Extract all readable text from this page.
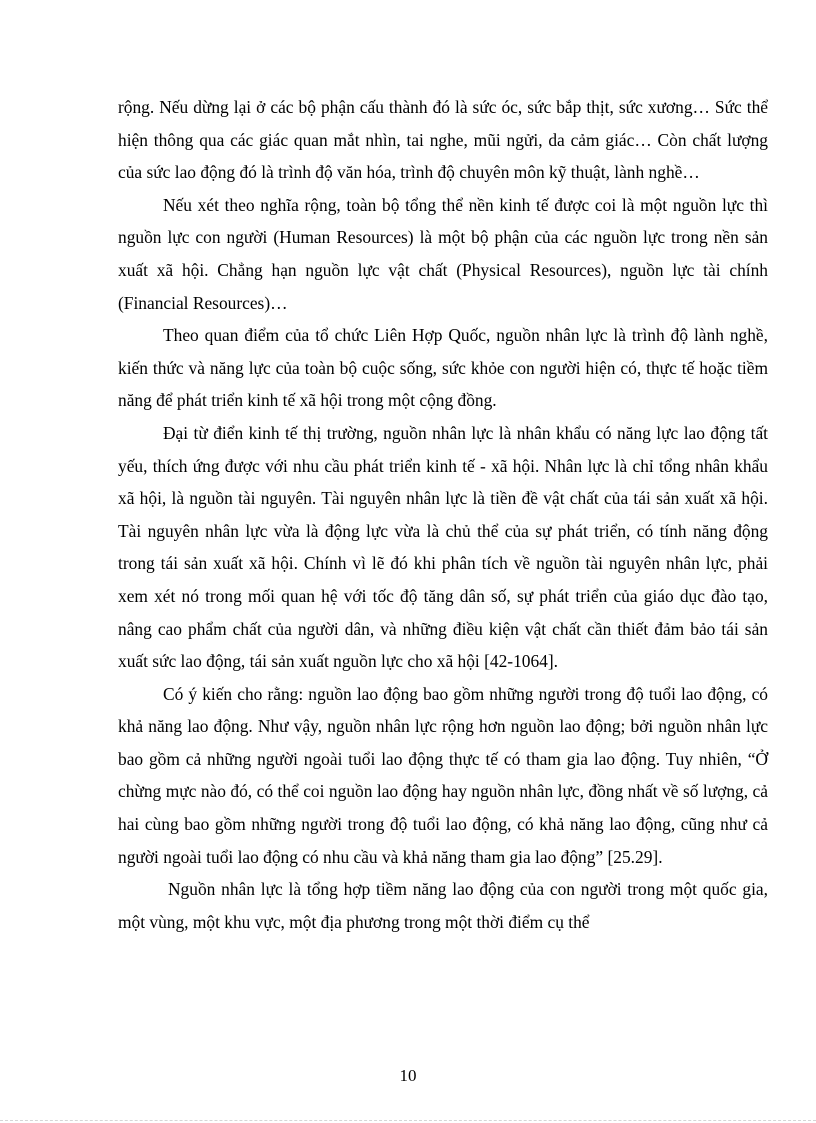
rộng. Nếu dừng lại ở các bộ phận cấu thành đó là sức óc, sức bắp thịt, sức xương… Sức thể hiện thông qua các giác quan mắt nhìn, tai nghe, mũi ngửi, da cảm giác… Còn chất lượng của sức lao động đó là trình độ văn hóa, trình độ chuyên môn kỹ thuật, lành nghề…

Nếu xét theo nghĩa rộng, toàn bộ tổng thể nền kinh tế được coi là một nguồn lực thì nguồn lực con người (Human Resources) là một bộ phận của các nguồn lực trong nền sản xuất xã hội. Chẳng hạn nguồn lực vật chất (Physical Resources), nguồn lực tài chính (Financial Resources)…

Theo quan điểm của tổ chức Liên Hợp Quốc, nguồn nhân lực là trình độ lành nghề, kiến thức và năng lực của toàn bộ cuộc sống, sức khỏe con người hiện có, thực tế hoặc tiềm năng để phát triển kinh tế xã hội trong một cộng đồng.

Đại từ điển kinh tế thị trường, nguồn nhân lực là nhân khẩu có năng lực lao động tất yếu, thích ứng được với nhu cầu phát triển kinh tế - xã hội. Nhân lực là chỉ tổng nhân khẩu xã hội, là nguồn tài nguyên. Tài nguyên nhân lực là tiền đề vật chất của tái sản xuất xã hội. Tài nguyên nhân lực vừa là động lực vừa là chủ thể của sự phát triển, có tính năng động trong tái sản xuất xã hội. Chính vì lẽ đó khi phân tích về nguồn tài nguyên nhân lực, phải xem xét nó trong mối quan hệ với tốc độ tăng dân số, sự phát triển của giáo dục đào tạo, nâng cao phẩm chất của người dân, và những điều kiện vật chất cần thiết đảm bảo tái sản xuất sức lao động, tái sản xuất nguồn lực cho xã hội [42-1064].

Có ý kiến cho rằng: nguồn lao động bao gồm những người trong độ tuổi lao động, có khả năng lao động. Như vậy, nguồn nhân lực rộng hơn nguồn lao động; bởi nguồn nhân lực bao gồm cả những người ngoài tuổi lao động thực tế có tham gia lao động. Tuy nhiên, “Ở chừng mực nào đó, có thể coi nguồn lao động hay nguồn nhân lực, đồng nhất về số lượng, cả hai cùng bao gồm những người trong độ tuổi lao động, có khả năng lao động, cũng như cả người ngoài tuổi lao động có nhu cầu và khả năng tham gia lao động” [25.29].

Nguồn nhân lực là tổng hợp tiềm năng lao động của con người trong một quốc gia, một vùng, một khu vực, một địa phương trong một thời điểm cụ thể

10
